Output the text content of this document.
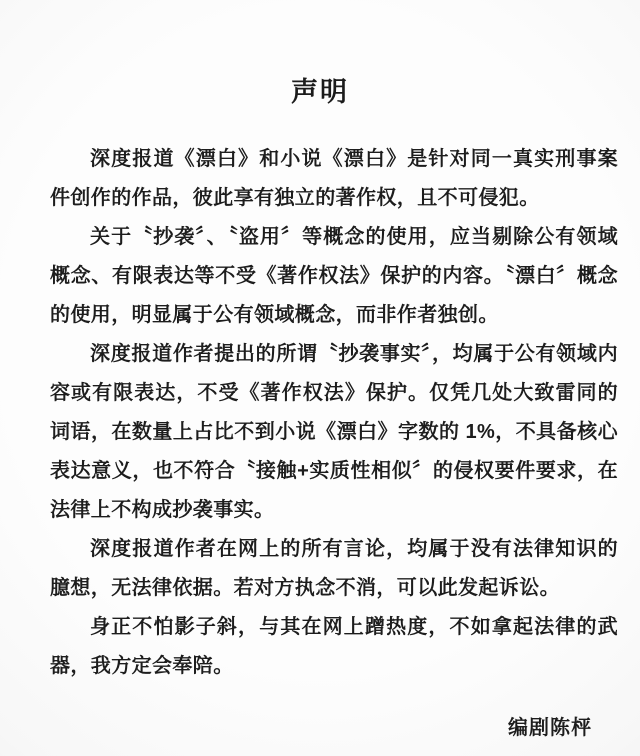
声明

深度报道《漂白》和小说《漂白》是针对同一真实刑事案件创作的作品，彼此享有独立的著作权，且不可侵犯。

关于〝抄袭〞、〝盗用〞等概念的使用，应当剔除公有领域概念、有限表达等不受《著作权法》保护的内容。〝漂白〞概念的使用，明显属于公有领域概念，而非作者独创。

深度报道作者提出的所谓〝抄袭事实〞，均属于公有领域内容或有限表达，不受《著作权法》保护。仅凭几处大致雷同的词语，在数量上占比不到小说《漂白》字数的 1%，不具备核心表达意义，也不符合〝接触+实质性相似〞的侵权要件要求，在法律上不构成抄袭事实。

深度报道作者在网上的所有言论，均属于没有法律知识的臆想，无法律依据。若对方执念不消，可以此发起诉讼。

身正不怕影子斜，与其在网上蹭热度，不如拿起法律的武器，我方定会奉陪。

编剧陈枰
